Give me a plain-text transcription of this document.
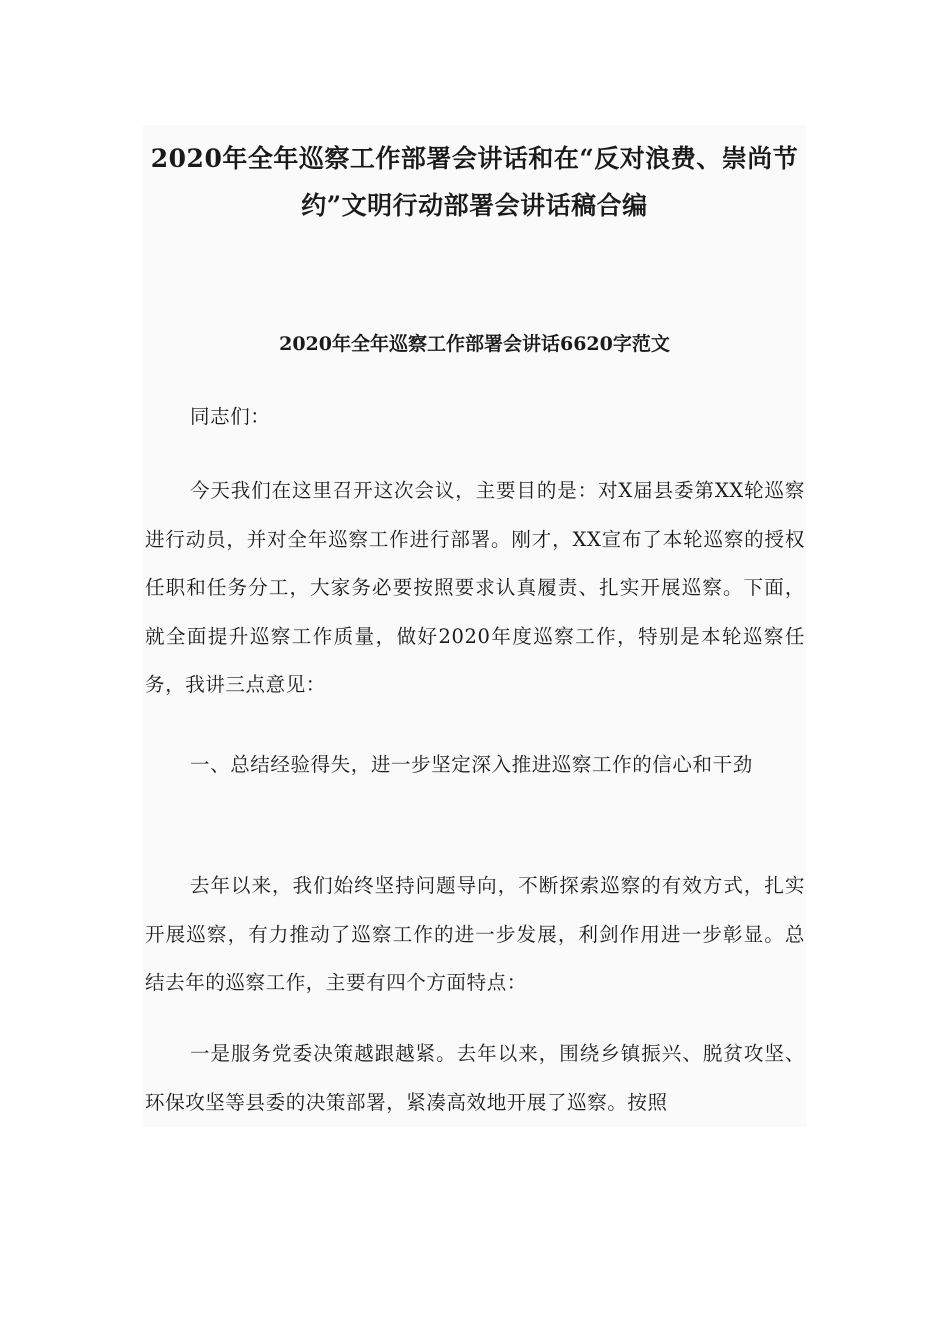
2020年全年巡察工作部署会讲话和在“反对浪费、崇尚节约”文明行动部署会讲话稿合编
2020年全年巡察工作部署会讲话6620字范文

同志们：

今天我们在这里召开这次会议，主要目的是：对X届县委第XX轮巡察进行动员，并对全年巡察工作进行部署。刚才，XX宣布了本轮巡察的授权任职和任务分工，大家务必要按照要求认真履责、扎实开展巡察。下面，就全面提升巡察工作质量，做好2020年度巡察工作，特别是本轮巡察任务，我讲三点意见：

一、总结经验得失，进一步坚定深入推进巡察工作的信心和干劲

去年以来，我们始终坚持问题导向，不断探索巡察的有效方式，扎实开展巡察，有力推动了巡察工作的进一步发展，利剑作用进一步彰显。总结去年的巡察工作，主要有四个方面特点：

一是服务党委决策越跟越紧。去年以来，围绕乡镇振兴、脱贫攻坚、环保攻坚等县委的决策部署，紧凑高效地开展了巡察。按照
